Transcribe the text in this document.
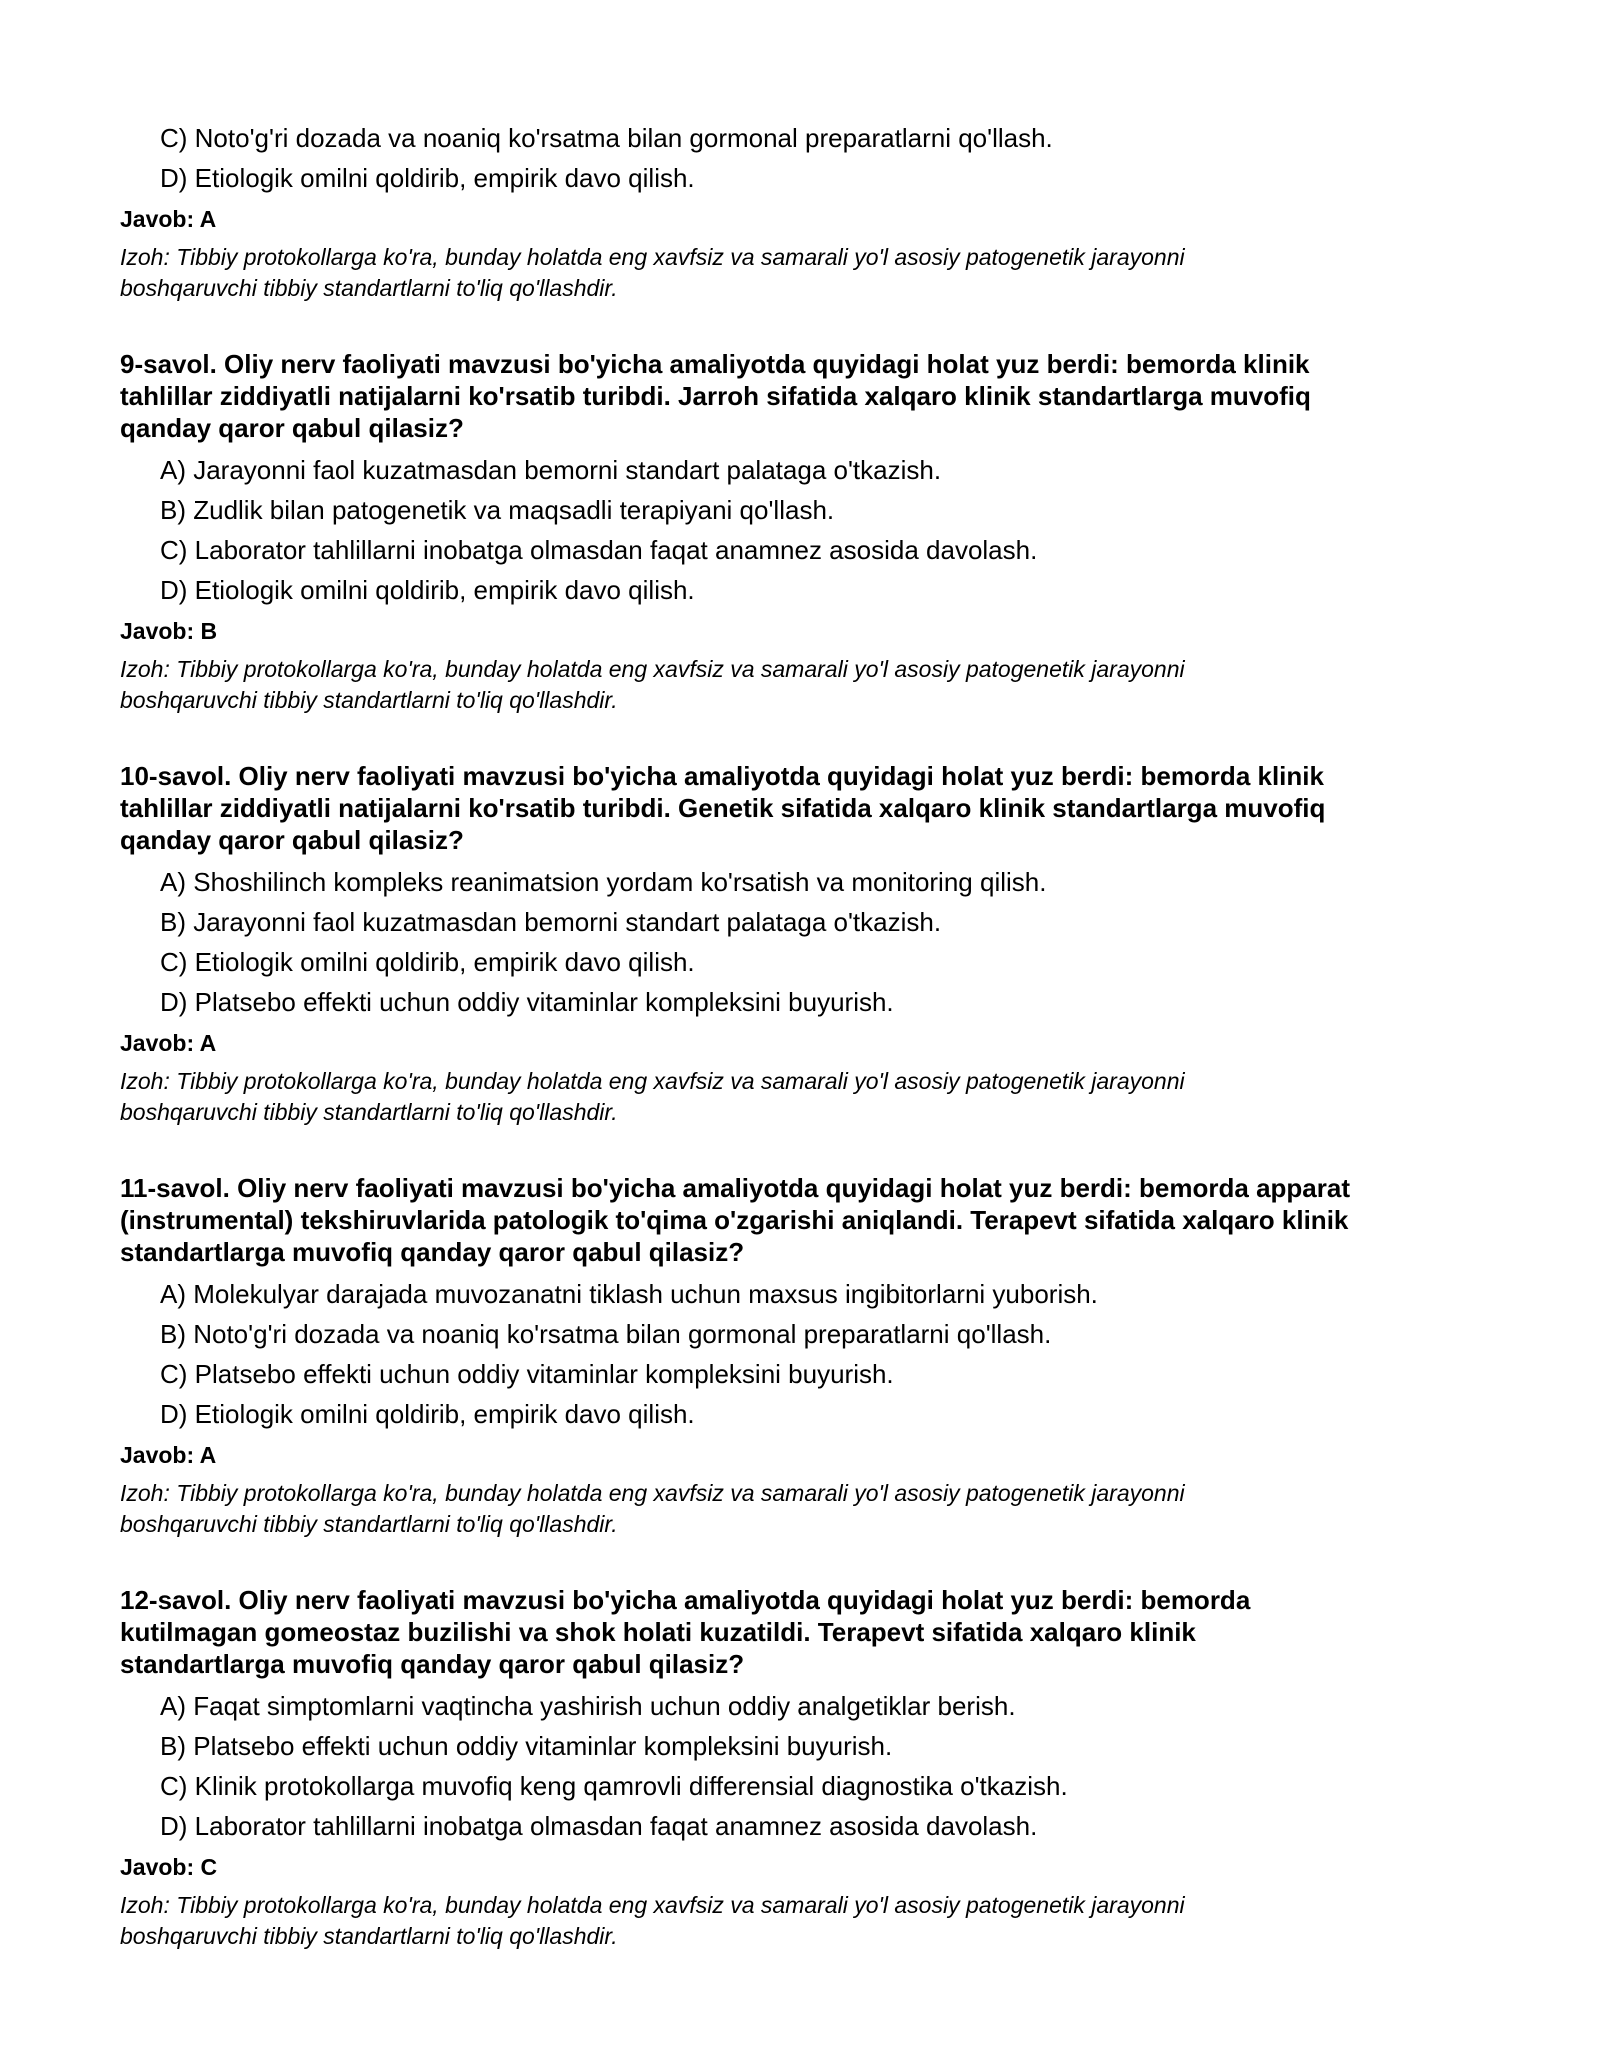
C) Noto'g'ri dozada va noaniq ko'rsatma bilan gormonal preparatlarni qo'llash.
D) Etiologik omilni qoldirib, empirik davo qilish.
Javob: A
Izoh: Tibbiy protokollarga ko'ra, bunday holatda eng xavfsiz va samarali yo'l asosiy patogenetik jarayonni
boshqaruvchi tibbiy standartlarni to'liq qo'llashdir.
9-savol. Oliy nerv faoliyati mavzusi bo'yicha amaliyotda quyidagi holat yuz berdi: bemorda klinik
tahlillar ziddiyatli natijalarni ko'rsatib turibdi. Jarroh sifatida xalqaro klinik standartlarga muvofiq
qanday qaror qabul qilasiz?
A) Jarayonni faol kuzatmasdan bemorni standart palataga o'tkazish.
B) Zudlik bilan patogenetik va maqsadli terapiyani qo'llash.
C) Laborator tahlillarni inobatga olmasdan faqat anamnez asosida davolash.
D) Etiologik omilni qoldirib, empirik davo qilish.
Javob: B
Izoh: Tibbiy protokollarga ko'ra, bunday holatda eng xavfsiz va samarali yo'l asosiy patogenetik jarayonni
boshqaruvchi tibbiy standartlarni to'liq qo'llashdir.
10-savol. Oliy nerv faoliyati mavzusi bo'yicha amaliyotda quyidagi holat yuz berdi: bemorda klinik
tahlillar ziddiyatli natijalarni ko'rsatib turibdi. Genetik sifatida xalqaro klinik standartlarga muvofiq
qanday qaror qabul qilasiz?
A) Shoshilinch kompleks reanimatsion yordam ko'rsatish va monitoring qilish.
B) Jarayonni faol kuzatmasdan bemorni standart palataga o'tkazish.
C) Etiologik omilni qoldirib, empirik davo qilish.
D) Platsebo effekti uchun oddiy vitaminlar kompleksini buyurish.
Javob: A
Izoh: Tibbiy protokollarga ko'ra, bunday holatda eng xavfsiz va samarali yo'l asosiy patogenetik jarayonni
boshqaruvchi tibbiy standartlarni to'liq qo'llashdir.
11-savol. Oliy nerv faoliyati mavzusi bo'yicha amaliyotda quyidagi holat yuz berdi: bemorda apparat
(instrumental) tekshiruvlarida patologik to'qima o'zgarishi aniqlandi. Terapevt sifatida xalqaro klinik
standartlarga muvofiq qanday qaror qabul qilasiz?
A) Molekulyar darajada muvozanatni tiklash uchun maxsus ingibitorlarni yuborish.
B) Noto'g'ri dozada va noaniq ko'rsatma bilan gormonal preparatlarni qo'llash.
C) Platsebo effekti uchun oddiy vitaminlar kompleksini buyurish.
D) Etiologik omilni qoldirib, empirik davo qilish.
Javob: A
Izoh: Tibbiy protokollarga ko'ra, bunday holatda eng xavfsiz va samarali yo'l asosiy patogenetik jarayonni
boshqaruvchi tibbiy standartlarni to'liq qo'llashdir.
12-savol. Oliy nerv faoliyati mavzusi bo'yicha amaliyotda quyidagi holat yuz berdi: bemorda
kutilmagan gomeostaz buzilishi va shok holati kuzatildi. Terapevt sifatida xalqaro klinik
standartlarga muvofiq qanday qaror qabul qilasiz?
A) Faqat simptomlarni vaqtincha yashirish uchun oddiy analgetiklar berish.
B) Platsebo effekti uchun oddiy vitaminlar kompleksini buyurish.
C) Klinik protokollarga muvofiq keng qamrovli differensial diagnostika o'tkazish.
D) Laborator tahlillarni inobatga olmasdan faqat anamnez asosida davolash.
Javob: C
Izoh: Tibbiy protokollarga ko'ra, bunday holatda eng xavfsiz va samarali yo'l asosiy patogenetik jarayonni
boshqaruvchi tibbiy standartlarni to'liq qo'llashdir.
